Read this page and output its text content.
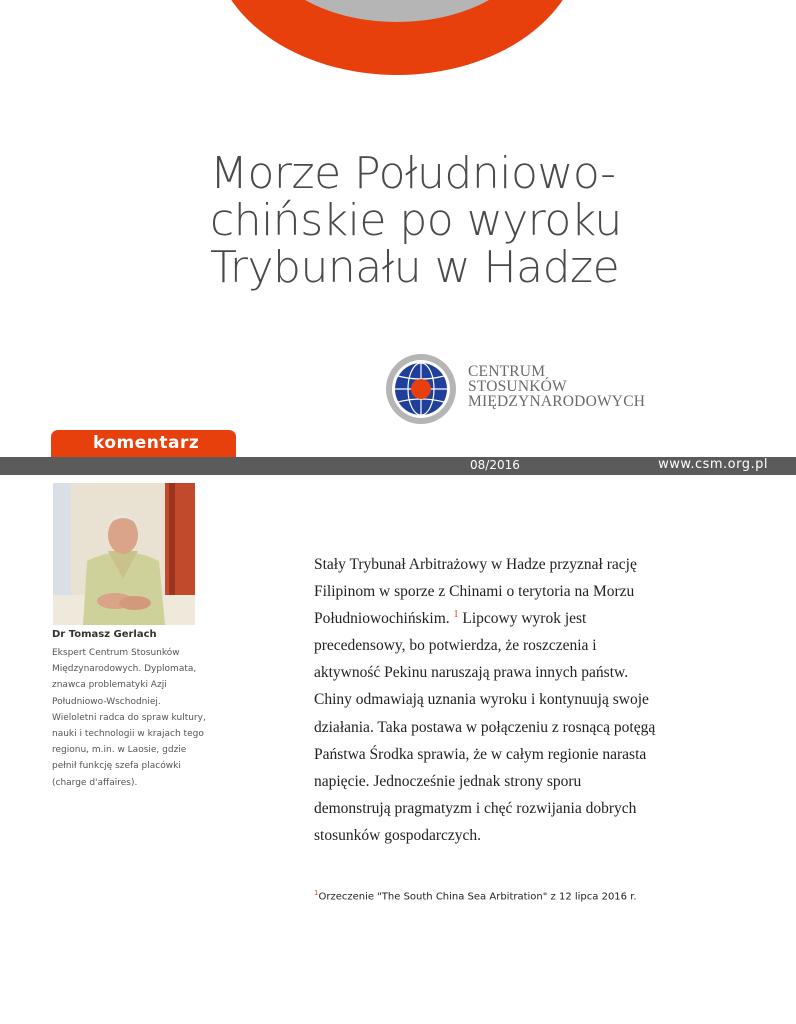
Morze Południowo-
chińskie po wyroku
Trybunału w Hadze
CENTRUM
STOSUNKÓW
MIĘDZYNARODOWYCH
komentarz
08/2016	www.csm.org.pl
Dr Tomasz Gerlach
Ekspert Centrum Stosunków
Międzynarodowych. Dyplomata,
znawca problematyki Azji
Południowo-Wschodniej.
Wieloletni radca do spraw kultury,
nauki i technologii w krajach tego
regionu, m.in. w Laosie, gdzie
pełnił funkcję szefa placówki
(charge d'affaires).
Stały Trybunał Arbitrażowy w Hadze przyznał rację
Filipinom w sporze z Chinami o terytoria na Morzu
Południowochińskim. $^1$ Lipcowy wyrok jest
precedensowy, bo potwierdza, że roszczenia i
aktywność Pekinu naruszają prawa innych państw.
Chiny odmawiają uznania wyroku i kontynuują swoje
działania. Taka postawa w połączeniu z rosnącą potęgą
Państwa Środka sprawia, że w całym regionie narasta
napięcie. Jednocześnie jednak strony sporu
demonstrują pragmatyzm i chęć rozwijania dobrych
stosunków gospodarczych.
$^1$Orzeczenie "The South China Sea Arbitration" z 12 lipca 2016 r.
